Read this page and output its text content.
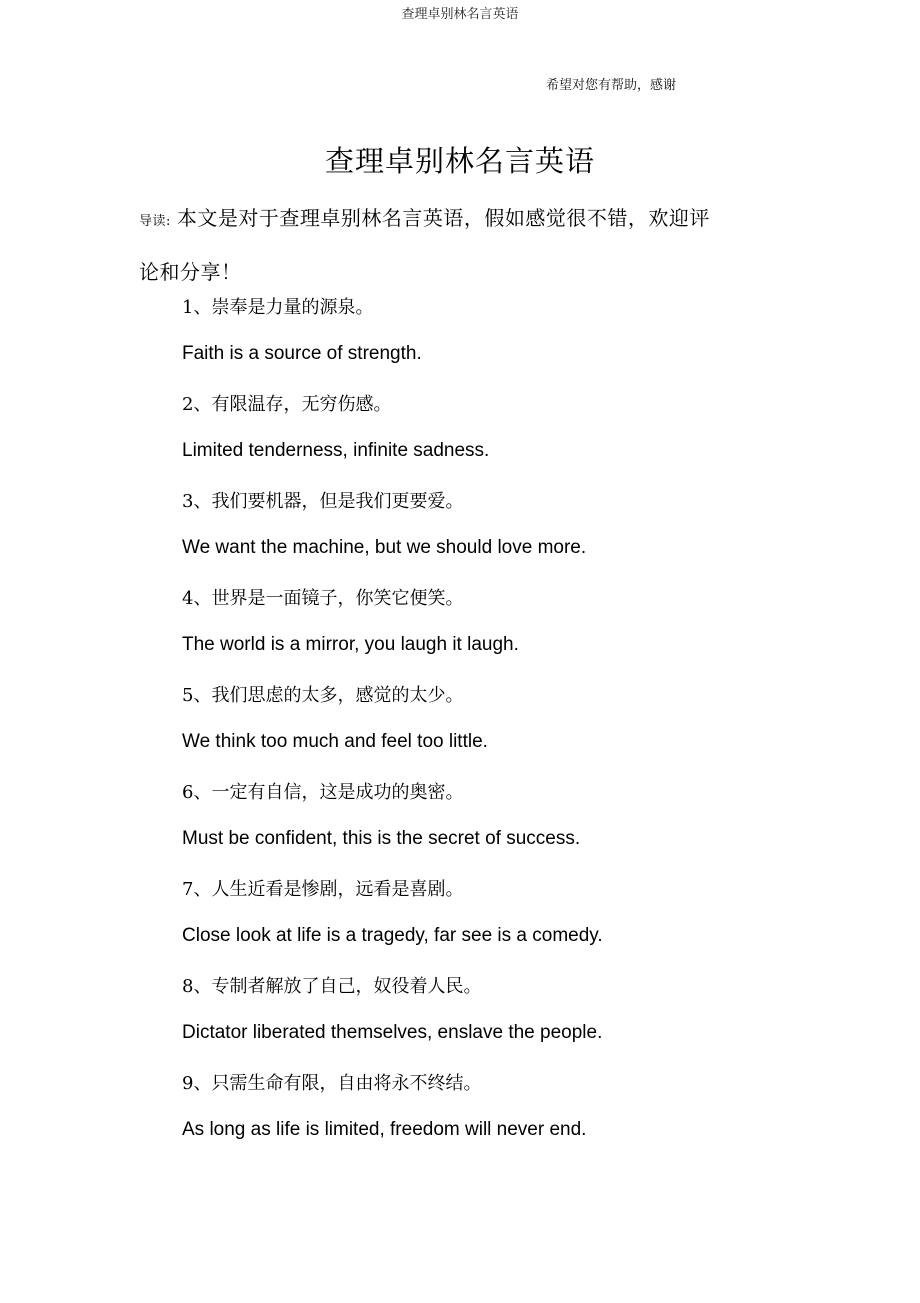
查理卓别林名言英语
希望对您有帮助，感谢
查理卓别林名言英语
导读: 本文是对于查理卓别林名言英语，假如感觉很不错，欢迎评论和分享！
1、崇奉是力量的源泉。
Faith is a source of strength.
2、有限温存，无穷伤感。
Limited tenderness, infinite sadness.
3、我们要机器，但是我们更要爱。
We want the machine, but we should love more.
4、世界是一面镜子，你笑它便笑。
The world is a mirror, you laugh it laugh.
5、我们思虑的太多，感觉的太少。
We think too much and feel too little.
6、一定有自信，这是成功的奥密。
Must be confident, this is the secret of success.
7、人生近看是惨剧，远看是喜剧。
Close look at life is a tragedy, far see is a comedy.
8、专制者解放了自己，奴役着人民。
Dictator liberated themselves, enslave the people.
9、只需生命有限，自由将永不终结。
As long as life is limited, freedom will never end.
